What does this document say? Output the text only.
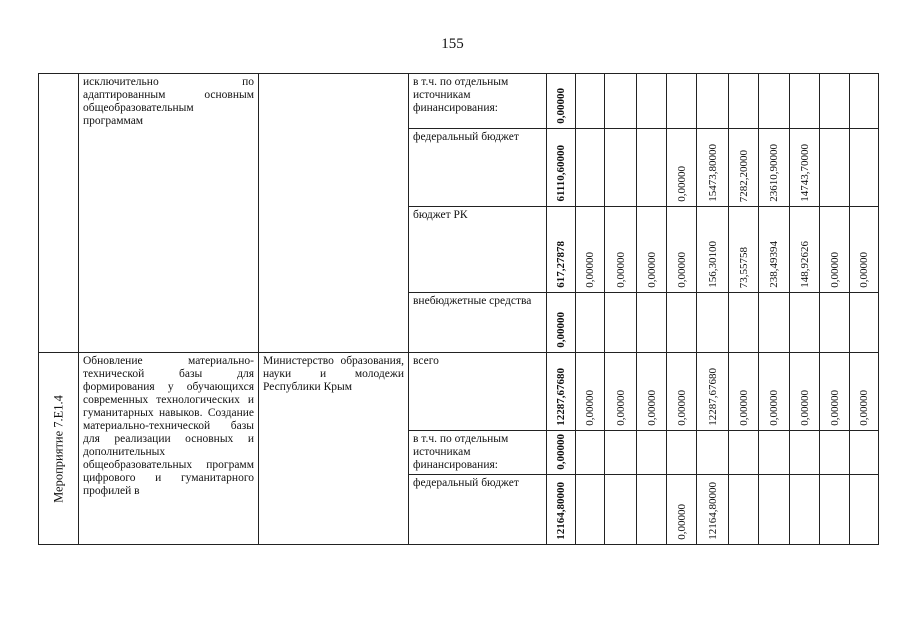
155

	исключительно по адаптированным основным общеобразовательным программам		в т.ч. по отдельным источникам финансирования:	0,00000										

			федеральный бюджет	61110,60000				0,00000	15473,80000	7282,20000	23610,90000	14743,70000		

			бюджет РК	617,27878	0,00000	0,00000	0,00000	0,00000	156,30100	73,55758	238,49394	148,92626	0,00000	0,00000

			внебюджетные средства	0,00000										

Мероприятие 7.Е1.4	Обновление материально-технической базы для формирования у обучающихся современных технологических и гуманитарных навыков. Создание материально-технической базы для реализации основных и дополнительных общеобразовательных программ цифрового и гуманитарного профилей в	Министерство образования, науки и молодежи Республики Крым	всего	12287,67680	0,00000	0,00000	0,00000	0,00000	12287,67680	0,00000	0,00000	0,00000	0,00000	0,00000

			в т.ч. по отдельным источникам финансирования:	0,00000										

			федеральный бюджет	12164,80000				0,00000	12164,80000					
